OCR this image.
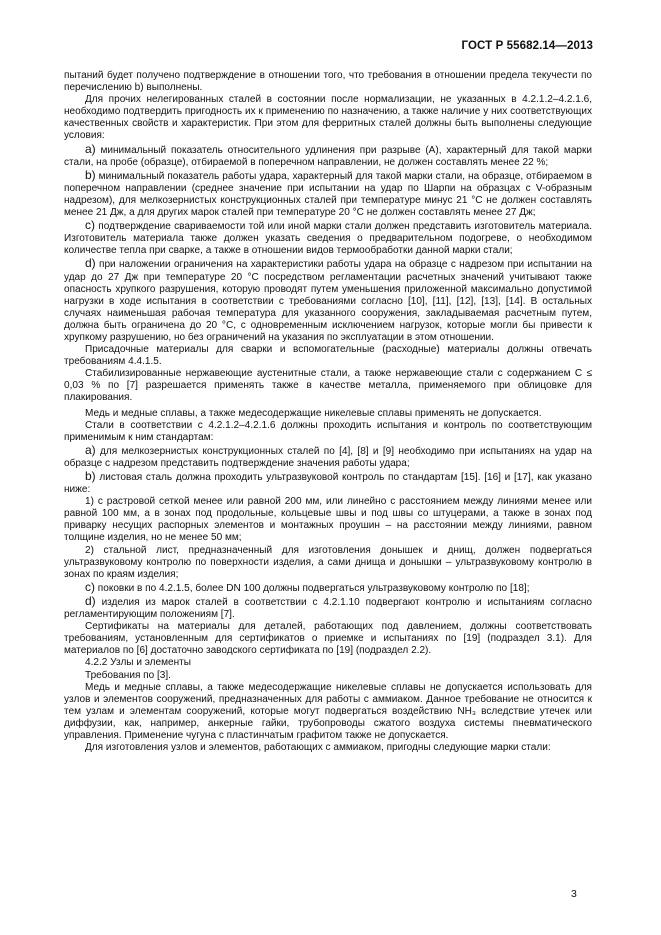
ГОСТ Р 55682.14—2013

пытаний будет получено подтверждение в отношении того, что требования в отношении предела текучести по перечислению b) выполнены.

Для прочих нелегированных сталей в состоянии после нормализации, не указанных в 4.2.1.2–4.2.1.6, необходимо подтвердить пригодность их к применению по назначению, а также наличие у них соответствующих качественных свойств и характеристик. При этом для ферритных сталей должны быть выполнены следующие условия:

а) минимальный показатель относительного удлинения при разрыве (A), характерный для такой марки стали, на пробе (образце), отбираемой в поперечном направлении, не должен составлять менее 22 %;

b) минимальный показатель работы удара, характерный для такой марки стали, на образце, отбираемом в поперечном направлении (среднее значение при испытании на удар по Шарпи на образцах с V-образным надрезом), для мелкозернистых конструкционных сталей при температуре минус 21 °С не должен составлять менее 21 Дж, а для других марок сталей при температуре 20 °С не должен составлять менее 27 Дж;

с) подтверждение свариваемости той или иной марки стали должен представить изготовитель материала. Изготовитель материала также должен указать сведения о предварительном подогреве, о необходимом количестве тепла при сварке, а также в отношении видов термообработки данной марки стали;

d) при наложении ограничения на характеристики работы удара на образце с надрезом при испытании на удар до 27 Дж при температуре 20 °С посредством регламентации расчетных значений учитывают также опасность хрупкого разрушения, которую проводят путем уменьшения приложенной максимально допустимой нагрузки в ходе испытания в соответствии с требованиями согласно [10], [11], [12], [13], [14]. В остальных случаях наименьшая рабочая температура для указанного сооружения, закладываемая расчетным путем, должна быть ограничена до 20 °С, с одновременным исключением нагрузок, которые могли бы привести к хрупкому разрушению, но без ограничений на указания по эксплуатации в этом отношении.

Присадочные материалы для сварки и вспомогательные (расходные) материалы должны отвечать требованиям 4.4.1.5.

Стабилизированные нержавеющие аустенитные стали, а также нержавеющие стали с содержанием С ≤ 0,03 % по [7] разрешается применять также в качестве металла, применяемого при облицовке для плакирования.

Медь и медные сплавы, а также медесодержащие никелевые сплавы применять не допускается.

Стали в соответствии с 4.2.1.2–4.2.1.6 должны проходить испытания и контроль по соответствующим применимым к ним стандартам:

а) для мелкозернистых конструкционных сталей по [4], [8] и [9] необходимо при испытаниях на удар на образце с надрезом представить подтверждение значения работы удара;

b) листовая сталь должна проходить ультразвуковой контроль по стандартам [15]. [16] и [17], как указано ниже:

1) с растровой сеткой менее или равной 200 мм, или линейно с расстоянием между линиями менее или равной 100 мм, а в зонах под продольные, кольцевые швы и под швы со штуцерами, а также в зонах под приварку несущих распорных элементов и монтажных проушин – на расстоянии между линиями, равном толщине изделия, но не менее 50 мм;

2) стальной лист, предназначенный для изготовления донышек и днищ, должен подвергаться ультразвуковому контролю по поверхности изделия, а сами днища и донышки – ультразвуковому контролю в зонах по краям изделия;

с) поковки в по 4.2.1.5, более DN 100 должны подвергаться ультразвуковому контролю по [18];

d) изделия из марок сталей в соответствии с 4.2.1.10 подвергают контролю и испытаниям согласно регламентирующим положениям [7].

Сертификаты на материалы для деталей, работающих под давлением, должны соответствовать требованиям, установленным для сертификатов о приемке и испытаниях по [19] (подраздел 3.1). Для материалов по [6] достаточно заводского сертификата по [19] (подраздел 2.2).

4.2.2 Узлы и элементы

Требования по [3].

Медь и медные сплавы, а также медесодержащие никелевые сплавы не допускается использовать для узлов и элементов сооружений, предназначенных для работы с аммиаком. Данное требование не относится к тем узлам и элементам сооружений, которые могут подвергаться воздействию NH₃ вследствие утечек или диффузии, как, например, анкерные гайки, трубопроводы сжатого воздуха системы пневматического управления. Применение чугуна с пластинчатым графитом также не допускается.

Для изготовления узлов и элементов, работающих с аммиаком, пригодны следующие марки стали:

3
